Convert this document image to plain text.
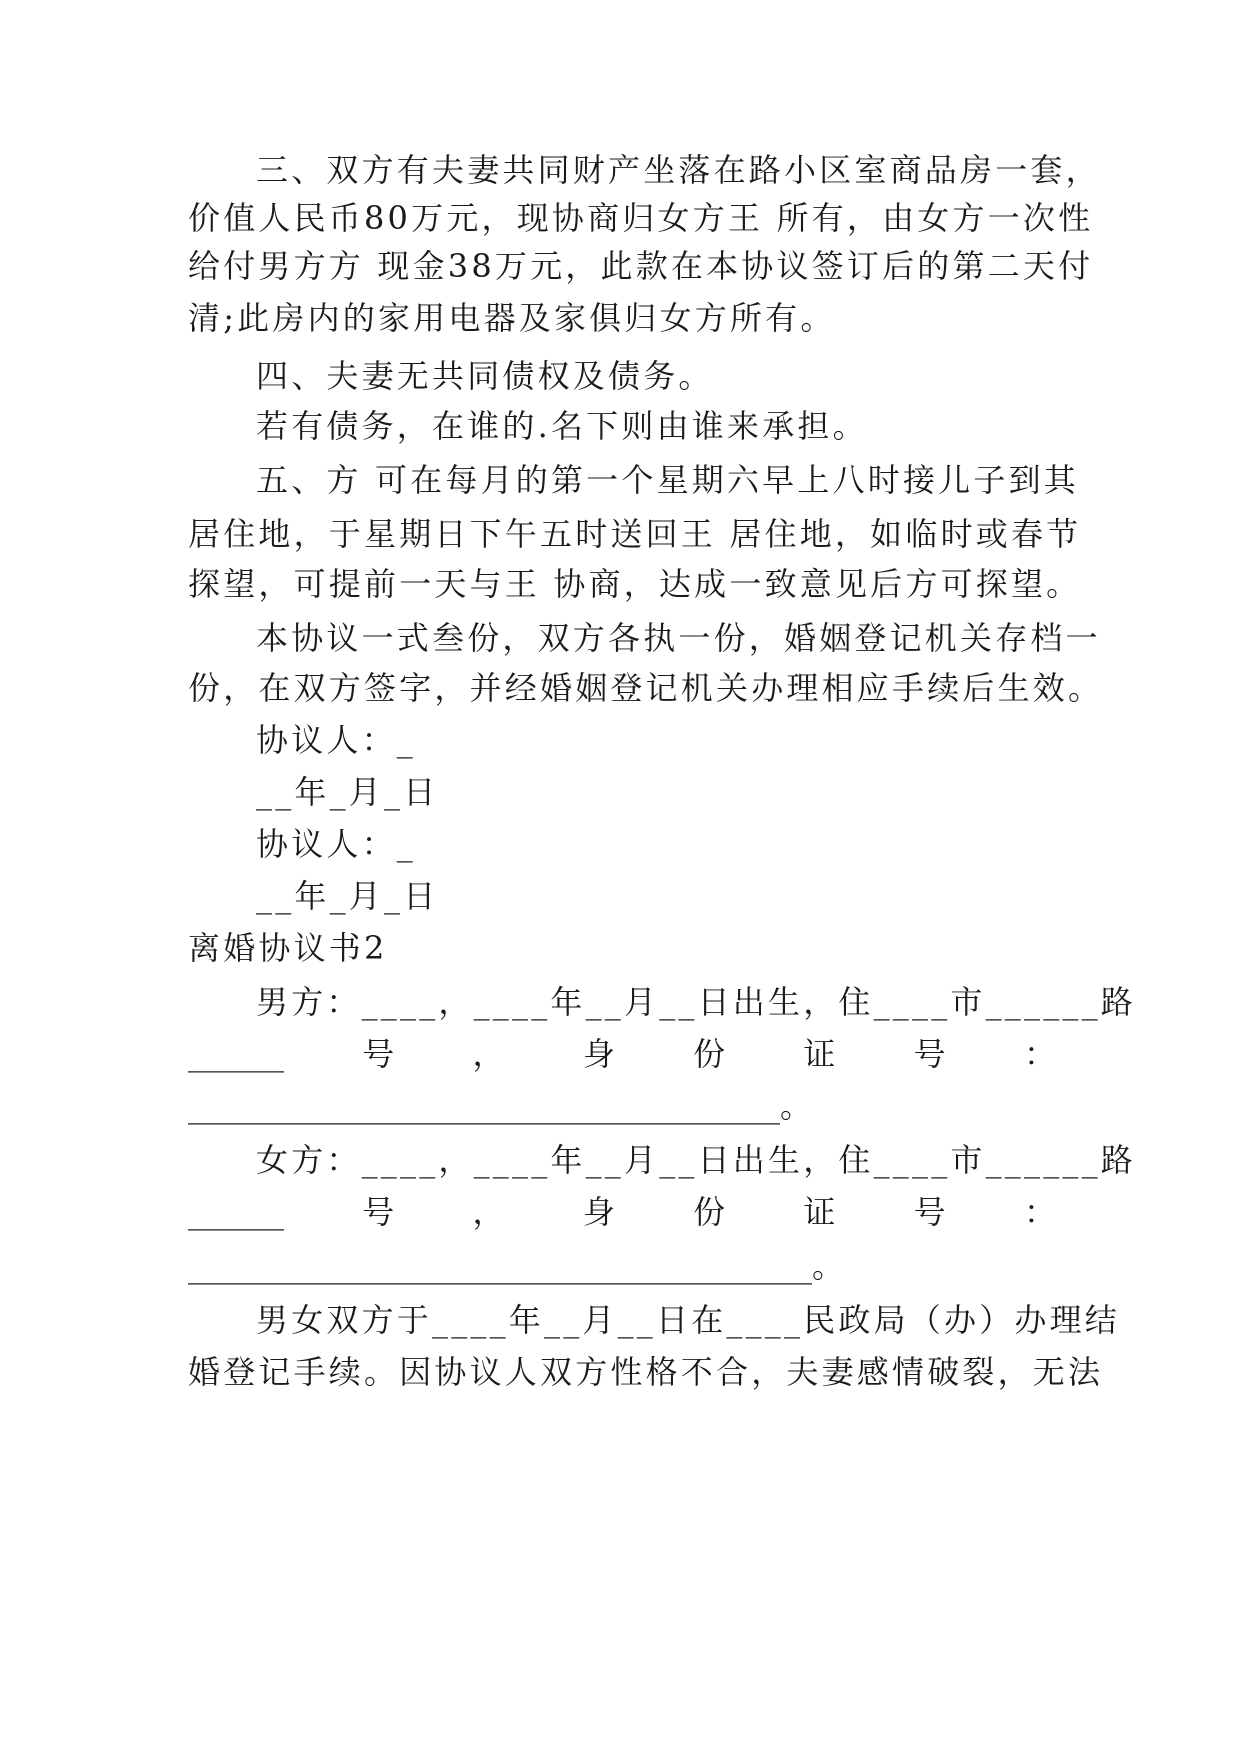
三、双方有夫妻共同财产坐落在路小区室商品房一套，
价值人民币80万元，现协商归女方王 所有，由女方一次性
给付男方方 现金38万元，此款在本协议签订后的第二天付
清;此房内的家用电器及家俱归女方所有。
四、夫妻无共同债权及债务。
若有债务，在谁的.名下则由谁来承担。
五、方 可在每月的第一个星期六早上八时接儿子到其
居住地，于星期日下午五时送回王 居住地，如临时或春节
探望，可提前一天与王 协商，达成一致意见后方可探望。
本协议一式叁份，双方各执一份，婚姻登记机关存档一
份，在双方签字，并经婚姻登记机关办理相应手续后生效。
协议人：_
__年_月_日
协议人：_
__年_月_日
离婚协议书2
男方：____，____年__月__日出生，住____市______路
______ 号 ， 身 份 证 号 ：
_____________________________________。
女方：____，____年__月__日出生，住____市______路
______ 号 ， 身 份 证 号 ：
_______________________________________。
男女双方于____年__月__日在____民政局（办）办理结
婚登记手续。因协议人双方性格不合，夫妻感情破裂，无法
